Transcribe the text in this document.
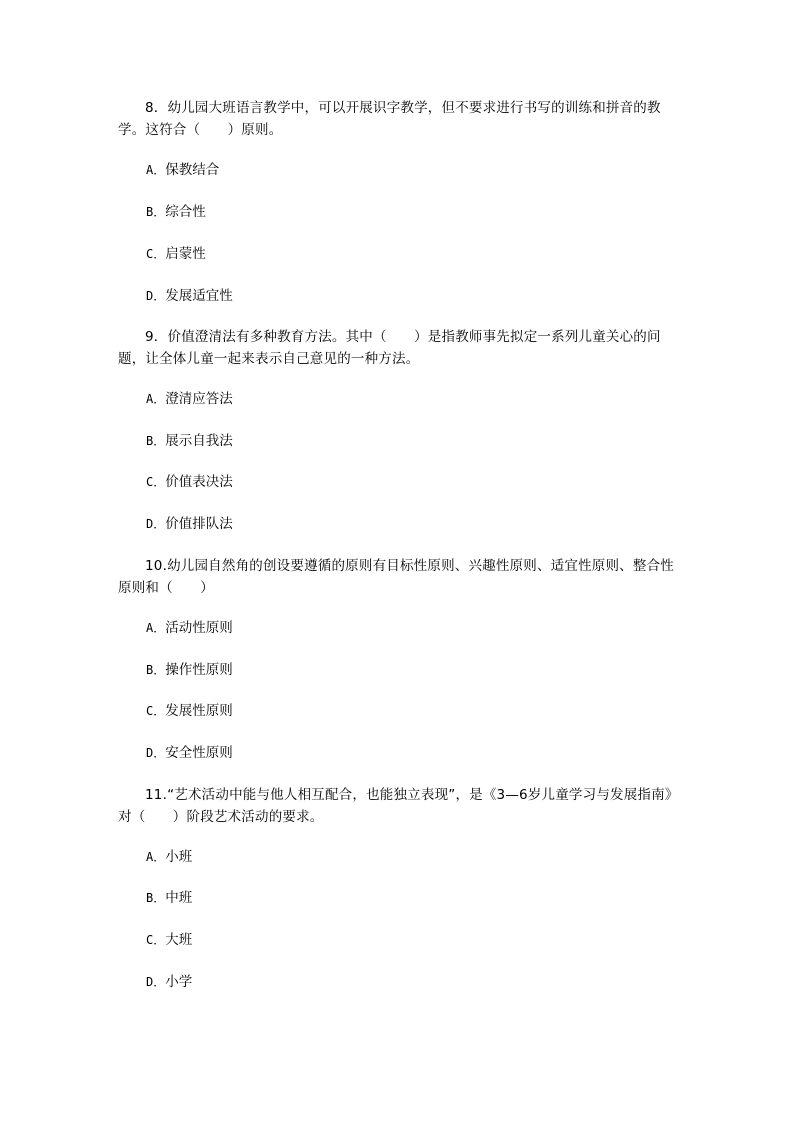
8．幼儿园大班语言教学中，可以开展识字教学，但不要求进行书写的训练和拼音的教学。这符合（　　）原则。
A．保教结合
B．综合性
C．启蒙性
D．发展适宜性
9．价值澄清法有多种教育方法。其中（　　）是指教师事先拟定一系列儿童关心的问题，让全体儿童一起来表示自己意见的一种方法。
A．澄清应答法
B．展示自我法
C．价值表决法
D．价值排队法
10.幼儿园自然角的创设要遵循的原则有目标性原则、兴趣性原则、适宜性原则、整合性原则和（　　）
A．活动性原则
B．操作性原则
C．发展性原则
D．安全性原则
11.“艺术活动中能与他人相互配合，也能独立表现”，是《3—6岁儿童学习与发展指南》对（　　）阶段艺术活动的要求。
A．小班
B．中班
C．大班
D．小学
